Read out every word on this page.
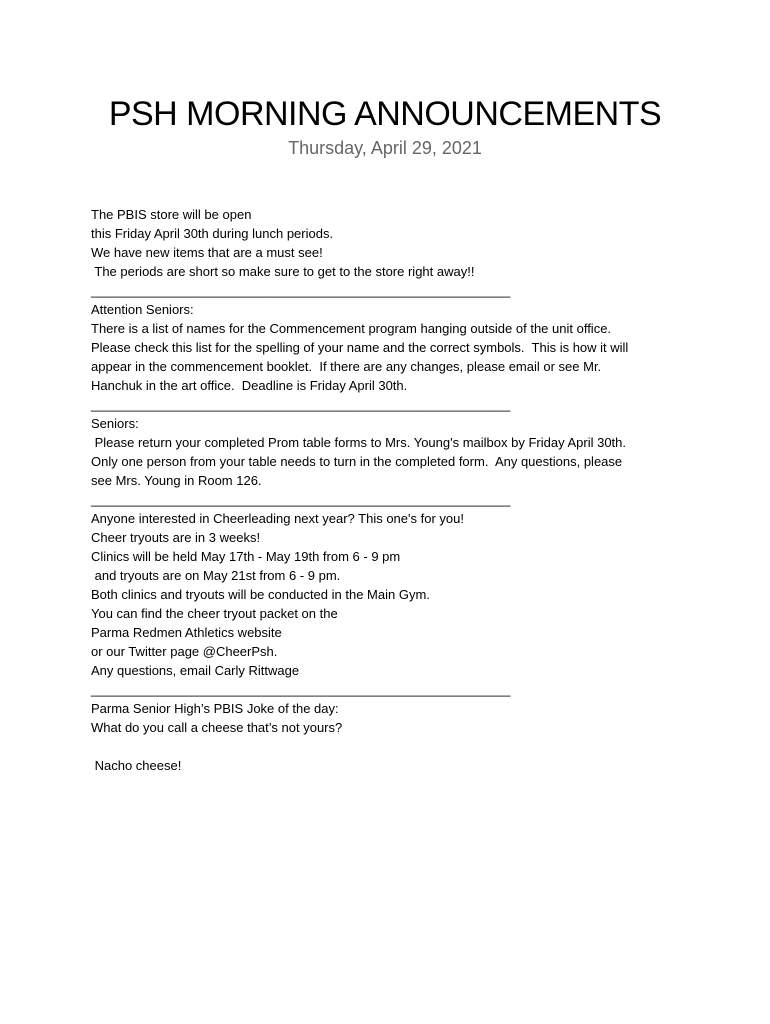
PSH MORNING ANNOUNCEMENTS
Thursday, April 29, 2021
The PBIS store will be open
this Friday April 30th during lunch periods.
We have new items that are a must see!
The periods are short so make sure to get to the store right away!!
__________________________________________________________
Attention Seniors:
There is a list of names for the Commencement program hanging outside of the unit office.
Please check this list for the spelling of your name and the correct symbols.  This is how it will
appear in the commencement booklet.  If there are any changes, please email or see Mr.
Hanchuk in the art office.  Deadline is Friday April 30th.
__________________________________________________________
Seniors:
Please return your completed Prom table forms to Mrs. Young's mailbox by Friday April 30th.
Only one person from your table needs to turn in the completed form.  Any questions, please
see Mrs. Young in Room 126.
__________________________________________________________
Anyone interested in Cheerleading next year? This one's for you!
Cheer tryouts are in 3 weeks!
Clinics will be held May 17th - May 19th from 6 - 9 pm
and tryouts are on May 21st from 6 - 9 pm.
Both clinics and tryouts will be conducted in the Main Gym.
You can find the cheer tryout packet on the
Parma Redmen Athletics website
or our Twitter page @CheerPsh.
Any questions, email Carly Rittwage
__________________________________________________________
Parma Senior High’s PBIS Joke of the day:
What do you call a cheese that’s not yours?
Nacho cheese!
